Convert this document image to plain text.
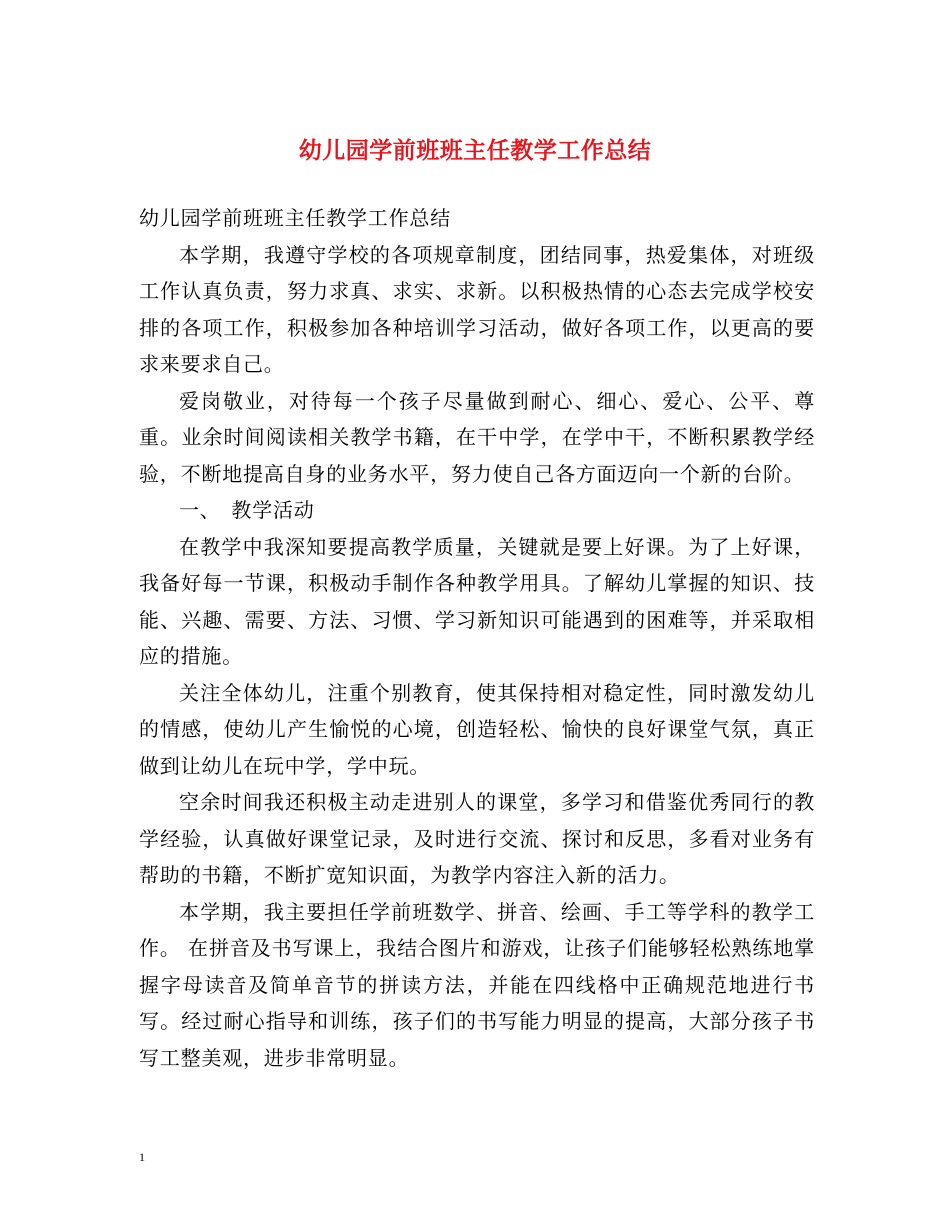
幼儿园学前班班主任教学工作总结

幼儿园学前班班主任教学工作总结

本学期，我遵守学校的各项规章制度，团结同事，热爱集体，对班级工作认真负责，努力求真、求实、求新。以积极热情的心态去完成学校安排的各项工作，积极参加各种培训学习活动，做好各项工作，以更高的要求来要求自己。

爱岗敬业，对待每一个孩子尽量做到耐心、细心、爱心、公平、尊重。业余时间阅读相关教学书籍，在干中学，在学中干，不断积累教学经验，不断地提高自身的业务水平，努力使自己各方面迈向一个新的台阶。

一、　教学活动

在教学中我深知要提高教学质量，关键就是要上好课。为了上好课，我备好每一节课，积极动手制作各种教学用具。了解幼儿掌握的知识、技能、兴趣、需要、方法、习惯、学习新知识可能遇到的困难等，并采取相应的措施。

关注全体幼儿，注重个别教育，使其保持相对稳定性，同时激发幼儿的情感，使幼儿产生愉悦的心境，创造轻松、愉快的良好课堂气氛，真正做到让幼儿在玩中学，学中玩。

空余时间我还积极主动走进别人的课堂，多学习和借鉴优秀同行的教学经验，认真做好课堂记录，及时进行交流、探讨和反思，多看对业务有帮助的书籍，不断扩宽知识面，为教学内容注入新的活力。

本学期，我主要担任学前班数学、拼音、绘画、手工等学科的教学工作。 在拼音及书写课上，我结合图片和游戏，让孩子们能够轻松熟练地掌握字母读音及简单音节的拼读方法，并能在四线格中正确规范地进行书写。经过耐心指导和训练，孩子们的书写能力明显的提高，大部分孩子书写工整美观，进步非常明显。

1
